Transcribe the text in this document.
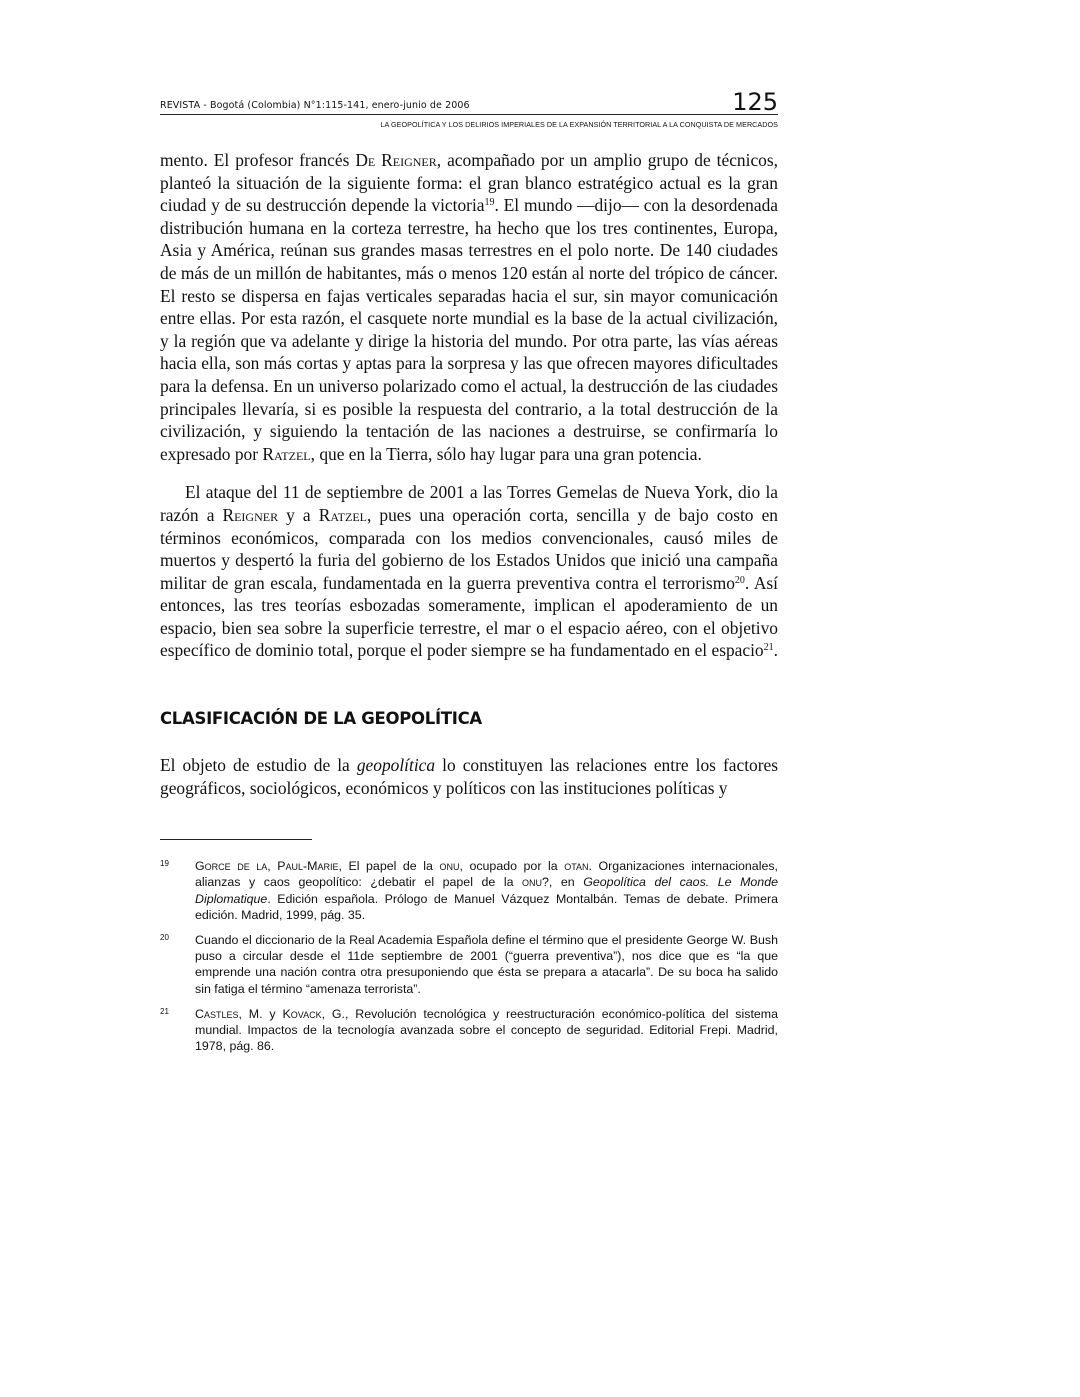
REVISTA - Bogotá (Colombia) N°1:115-141, enero-junio de 2006	125
LA GEOPOLÍTICA Y LOS DELIRIOS IMPERIALES DE LA EXPANSIÓN TERRITORIAL A LA CONQUISTA DE MERCADOS

mento. El profesor francés De Reigner, acompañado por un amplio grupo de técnicos, planteó la situación de la siguiente forma: el gran blanco estratégico actual es la gran ciudad y de su destrucción depende la victoria$^{19}$. El mundo —dijo— con la desordenada distribución humana en la corteza terrestre, ha hecho que los tres continentes, Europa, Asia y América, reúnan sus grandes masas terrestres en el polo norte. De 140 ciudades de más de un millón de habitantes, más o menos 120 están al norte del trópico de cáncer. El resto se dispersa en fajas verticales separadas hacia el sur, sin mayor comunicación entre ellas. Por esta razón, el casquete norte mundial es la base de la actual civilización, y la región que va adelante y dirige la historia del mundo. Por otra parte, las vías aéreas hacia ella, son más cortas y aptas para la sorpresa y las que ofrecen mayores dificultades para la defensa. En un universo polarizado como el actual, la destrucción de las ciudades principales llevaría, si es posible la respuesta del contrario, a la total destrucción de la civilización, y siguiendo la tentación de las naciones a destruirse, se confirmaría lo expresado por Ratzel, que en la Tierra, sólo hay lugar para una gran potencia.

El ataque del 11 de septiembre de 2001 a las Torres Gemelas de Nueva York, dio la razón a Reigner y a Ratzel, pues una operación corta, sencilla y de bajo costo en términos económicos, comparada con los medios convencionales, causó miles de muertos y despertó la furia del gobierno de los Estados Unidos que inició una campaña militar de gran escala, fundamentada en la guerra preventiva contra el terrorismo$^{20}$. Así entonces, las tres teorías esbozadas someramente, implican el apoderamiento de un espacio, bien sea sobre la superficie terrestre, el mar o el espacio aéreo, con el objetivo específico de dominio total, porque el poder siempre se ha fundamentado en el espacio$^{21}$.

CLASIFICACIÓN DE LA GEOPOLÍTICA

El objeto de estudio de la geopolítica lo constituyen las relaciones entre los factores geográficos, sociológicos, económicos y políticos con las instituciones políticas y

19 Gorce de la, Paul-Marie, El papel de la onu, ocupado por la otan. Organizaciones internacionales, alianzas y caos geopolítico: ¿debatir el papel de la onu?, en Geopolítica del caos. Le Monde Diplomatique. Edición española. Prólogo de Manuel Vázquez Montalbán. Temas de debate. Primera edición. Madrid, 1999, pág. 35.
20 Cuando el diccionario de la Real Academia Española define el término que el presidente George W. Bush puso a circular desde el 11de septiembre de 2001 (“guerra preventiva”), nos dice que es “la que emprende una nación contra otra presuponiendo que ésta se prepara a atacarla”. De su boca ha salido sin fatiga el término “amenaza terrorista”.
21 Castles, M. y Kovack, G., Revolución tecnológica y reestructuración económico-política del sistema mundial. Impactos de la tecnología avanzada sobre el concepto de seguridad. Editorial Frepi. Madrid, 1978, pág. 86.
